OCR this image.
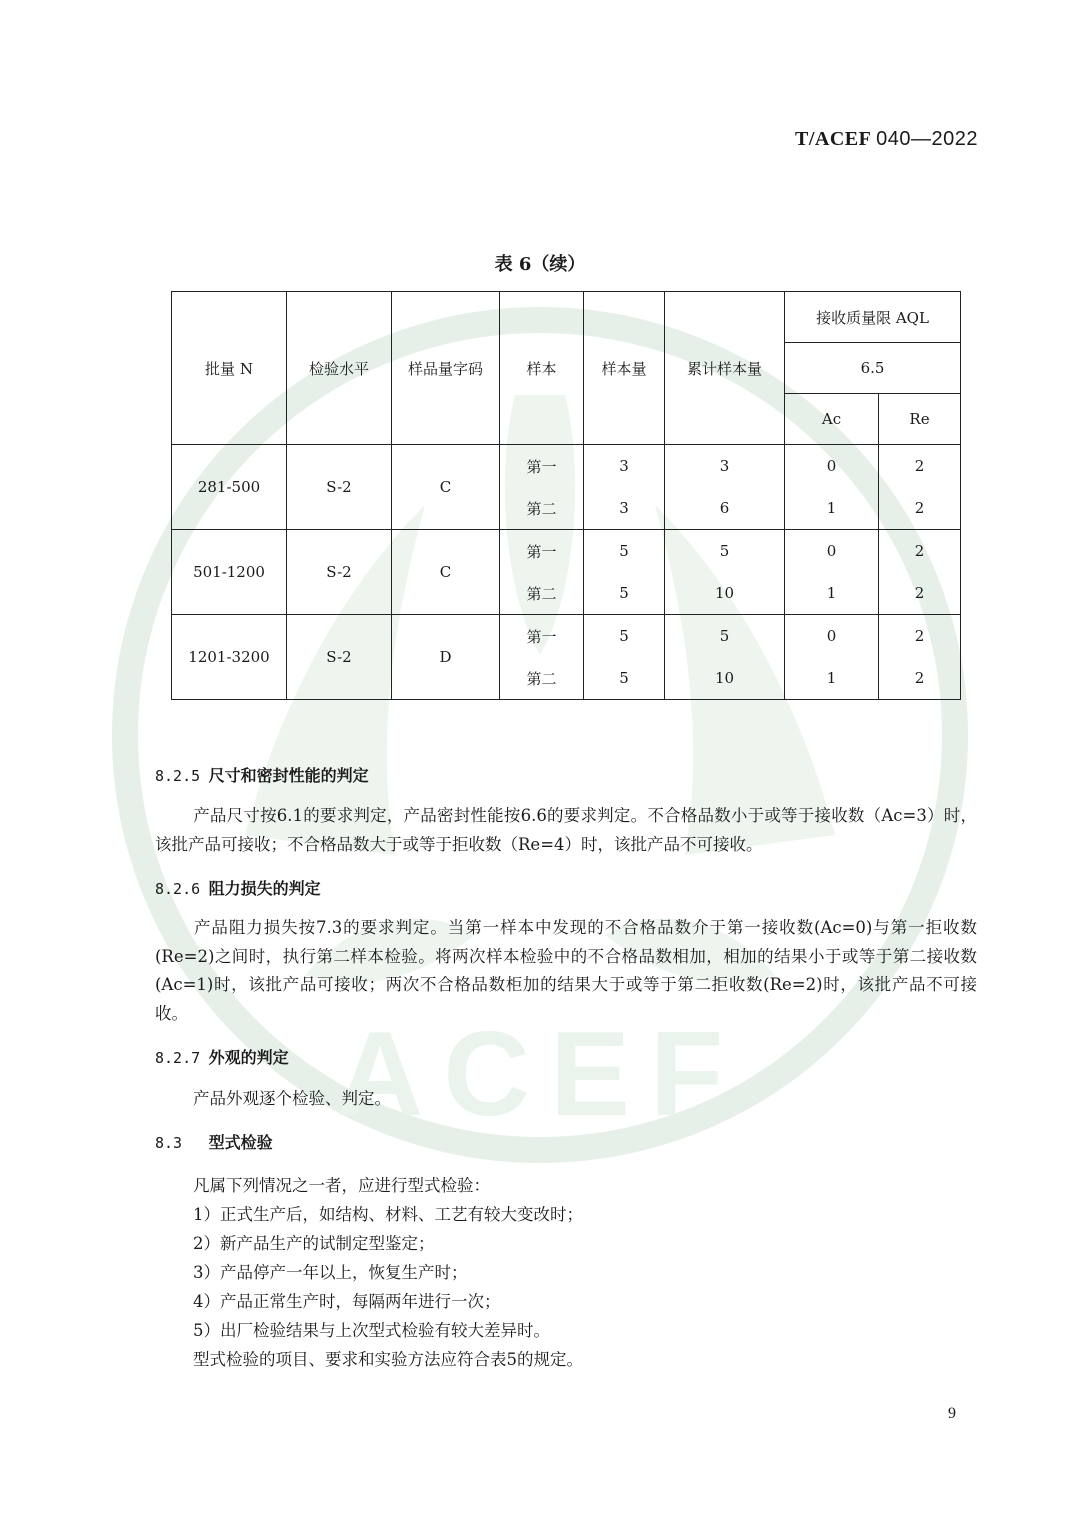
ACEF
T/ACEF 040—2022
表 6（续）
批量 N	检验水平	样品量字码	样本	样本量	累计样本量	接收质量限 AQL	
						6.5	
						Ac	Re
281-500	S-2	C	第一	3	3	0	2
			第二	3	6	1	2
501-1200	S-2	C	第一	5	5	0	2
			第二	5	10	1	2
1201-3200	S-2	D	第一	5	5	0	2
			第二	5	10	1	2
8.2.5 尺寸和密封性能的判定
产品尺寸按6.1的要求判定，产品密封性能按6.6的要求判定。不合格品数小于或等于接收数（Ac=3）时，该批产品可接收；不合格品数大于或等于拒收数（Re=4）时，该批产品不可接收。
8.2.6 阻力损失的判定
产品阻力损失按7.3的要求判定。当第一样本中发现的不合格品数介于第一接收数(Ac=0)与第一拒收数(Re=2)之间时，执行第二样本检验。将两次样本检验中的不合格品数相加，相加的结果小于或等于第二接收数(Ac=1)时，该批产品可接收；两次不合格品数柜加的结果大于或等于第二拒收数(Re=2)时，该批产品不可接收。
8.2.7 外观的判定
产品外观逐个检验、判定。
8.3 型式检验
凡属下列情况之一者，应进行型式检验：
1）正式生产后，如结构、材料、工艺有较大变改时；
2）新产品生产的试制定型鉴定；
3）产品停产一年以上，恢复生产时；
4）产品正常生产时，每隔两年进行一次；
5）出厂检验结果与上次型式检验有较大差异时。
型式检验的项目、要求和实验方法应符合表5的规定。
9
